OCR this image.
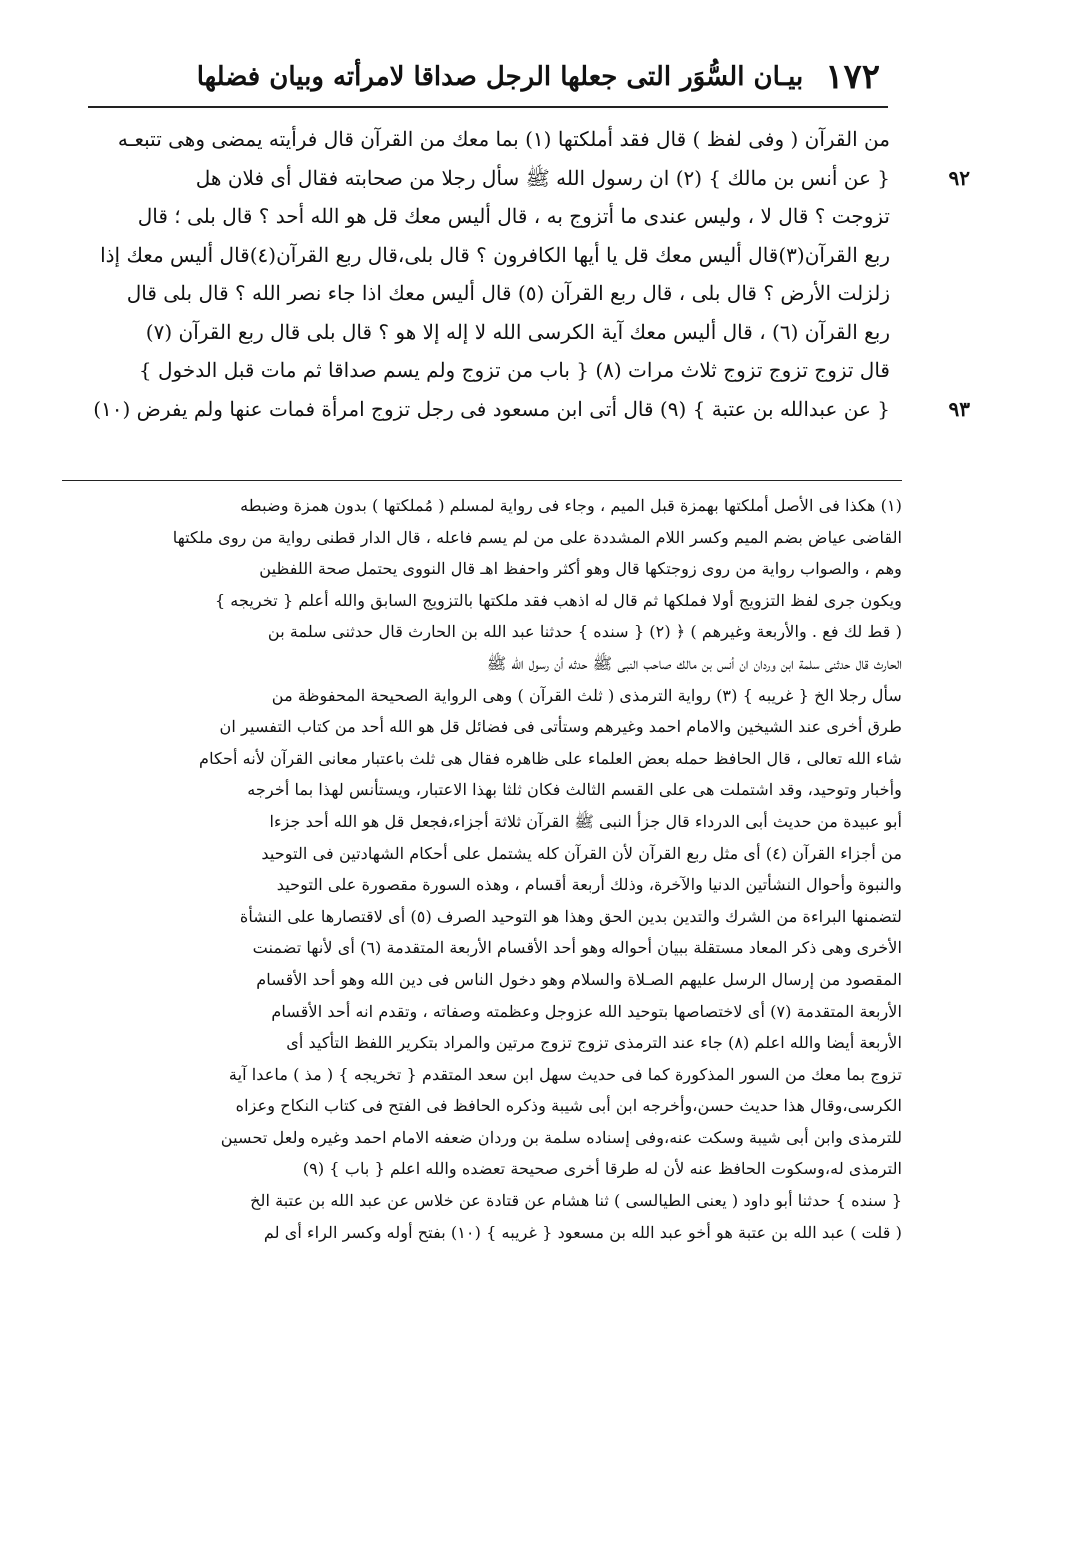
١٧٢
بيـان السُّوَر التى جعلها الرجل صداقا لامرأته وبيان فضلها
من القرآن ( وفى لفظ ) قال فقد أملكتها (١) بما معك من القرآن قال فرأيته يمضى وهى تتبعـه
٩٢
{ عن أنس بن مالك } (٢) ان رسول الله ﷺ سأل رجلا من صحابته فقال أى فلان هل
تزوجت ؟ قال لا ، وليس عندى ما أتزوج به ، قال أليس معك قل هو الله أحد ؟ قال بلى ؛ قال
ربع القرآن(٣)قال أليس معك قل يا أيها الكافرون ؟ قال بلى،قال ربع القرآن(٤)قال أليس معك إذا
زلزلت الأرض ؟ قال بلى ، قال ربع القرآن (٥) قال أليس معك اذا جاء نصر الله ؟ قال بلى قال
ربع القرآن (٦) ، قال أليس معك آية الكرسى الله لا إله إلا هو ؟ قال بلى قال ربع القرآن (٧)
قال تزوج تزوج تزوج ثلاث مرات (٨) { باب من تزوج ولم يسم صداقا ثم مات قبل الدخول }
٩٣
{ عن عبدالله بن عتبة } (٩) قال أتى ابن مسعود فى رجل تزوج امرأة فمات عنها ولم يفرض (١٠)
(١) هكذا فى الأصل أملكتها بهمزة قبل الميم ، وجاء فى رواية لمسلم ( مُملكتها ) بدون همزة وضبطه
القاضى عياض بضم الميم وكسر اللام المشددة على من لم يسم فاعله ، قال الدار قطنى رواية من روى ملكتها
وهم ، والصواب رواية من روى زوجتكها قال وهو أكثر واحفظ اهـ قال النووى يحتمل صحة اللفظين
ويكون جرى لفظ التزويج أولا فملكها ثم قال له اذهب فقد ملكتها بالتزويج السابق والله أعلم { تخريجه }
( قط لك فع . والأربعة وغيرهم ) ﴿ (٢) { سنده } حدثنا عبد الله بن الحارث قال حدثنى سلمة بن
الحارث قال حدثنى سلمة ابن وردان ان أنس بن مالك صاحب النبى ﷺ حدثه أن رسول الله ﷺ
سأل رجلا الخ { غريبه } (٣) رواية الترمذى ( ثلث القرآن ) وهى الرواية الصحيحة المحفوظة من
طرق أخرى عند الشيخين والامام احمد وغيرهم وستأتى فى فضائل قل هو الله أحد من كتاب التفسير ان
شاء الله تعالى ، قال الحافظ حمله بعض العلماء على ظاهره فقال هى ثلث باعتبار معانى القرآن لأنه أحكام
وأخبار وتوحيد، وقد اشتملت هى على القسم الثالث فكان ثلثا بهذا الاعتبار، ويستأنس لهذا بما أخرجه
أبو عبيدة من حديث أبى الدرداء قال جزأ النبى ﷺ القرآن ثلاثة أجزاء،فجعل قل هو الله أحد جزءا
من أجزاء القرآن (٤) أى مثل ربع القرآن لأن القرآن كله يشتمل على أحكام الشهادتين فى التوحيد
والنبوة وأحوال النشأتين الدنيا والآخرة، وذلك أربعة أقسام ، وهذه السورة مقصورة على التوحيد
لتضمنها البراءة من الشرك والتدين بدين الحق وهذا هو التوحيد الصرف (٥) أى لاقتصارها على النشأة
الأخرى وهى ذكر المعاد مستقلة ببيان أحواله وهو أحد الأقسام الأربعة المتقدمة (٦) أى لأنها تضمنت
المقصود من إرسال الرسل عليهم الصـلاة والسلام وهو دخول الناس فى دين الله وهو أحد الأقسام
الأربعة المتقدمة (٧) أى لاختصاصها بتوحيد الله عزوجل وعظمته وصفاته ، وتقدم انه أحد الأقسام
الأربعة أيضا والله اعلم (٨) جاء عند الترمذى تزوج تزوج مرتين والمراد بتكرير اللفظ التأكيد أى
تزوج بما معك من السور المذكورة كما فى حديث سهل ابن سعد المتقدم { تخريجه } ( مذ ) ماعدا آية
الكرسى،وقال هذا حديث حسن،وأخرجه ابن أبى شيبة وذكره الحافظ فى الفتح فى كتاب النكاح وعزاه
للترمذى وابن أبى شيبة وسكت عنه،وفى إسناده سلمة بن وردان ضعفه الامام احمد وغيره ولعل تحسين
الترمذى له،وسكوت الحافظ عنه لأن له طرقا أخرى صحيحة تعضده والله اعلم { باب } (٩)
{ سنده } حدثنا أبو داود ( يعنى الطيالسى ) ثنا هشام عن قتادة عن خلاس عن عبد الله بن عتبة الخ
( قلت ) عبد الله بن عتبة هو أخو عبد الله بن مسعود { غريبه } (١٠) بفتح أوله وكسر الراء أى لم
